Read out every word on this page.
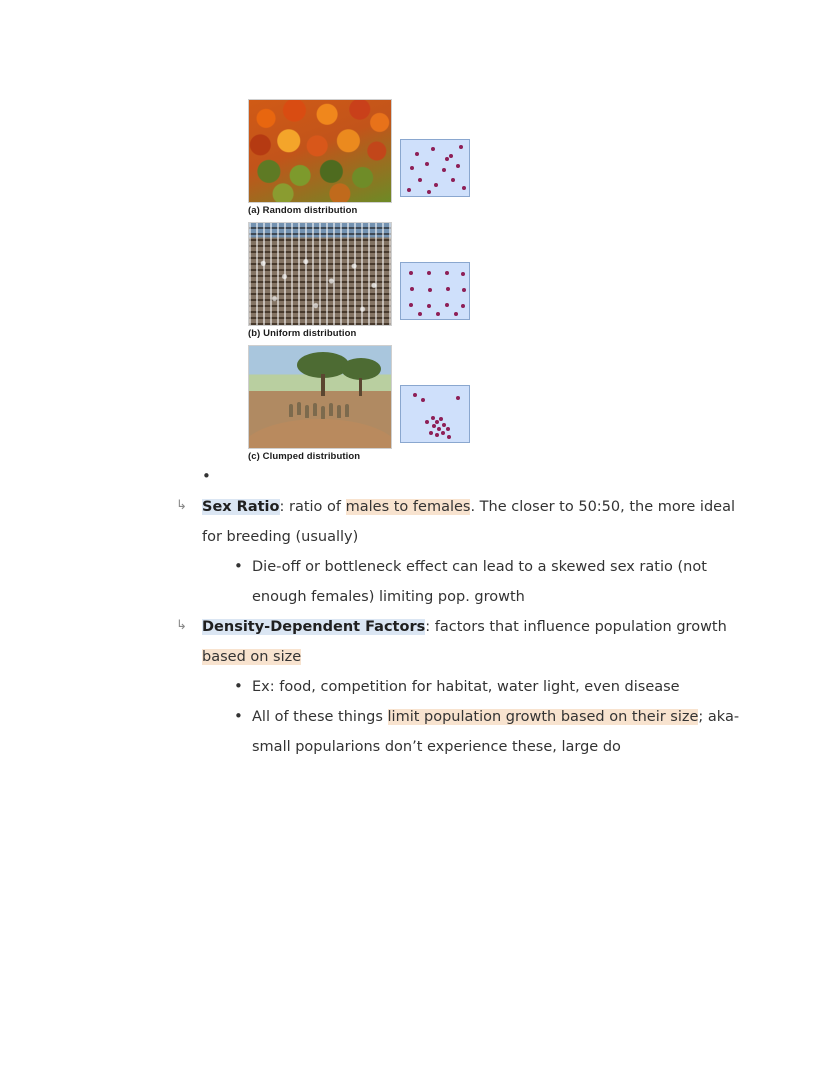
(a) Random distribution
(b) Uniform distribution
(c) Clumped distribution
•
↳ Sex Ratio: ratio of males to females. The closer to 50:50, the more ideal for breeding (usually)
• Die-off or bottleneck effect can lead to a skewed sex ratio (not enough females) limiting pop. growth
↳ Density-Dependent Factors: factors that influence population growth based on size
• Ex: food, competition for habitat, water light, even disease
• All of these things limit population growth based on their size; aka- small popularions don’t experience these, large do
